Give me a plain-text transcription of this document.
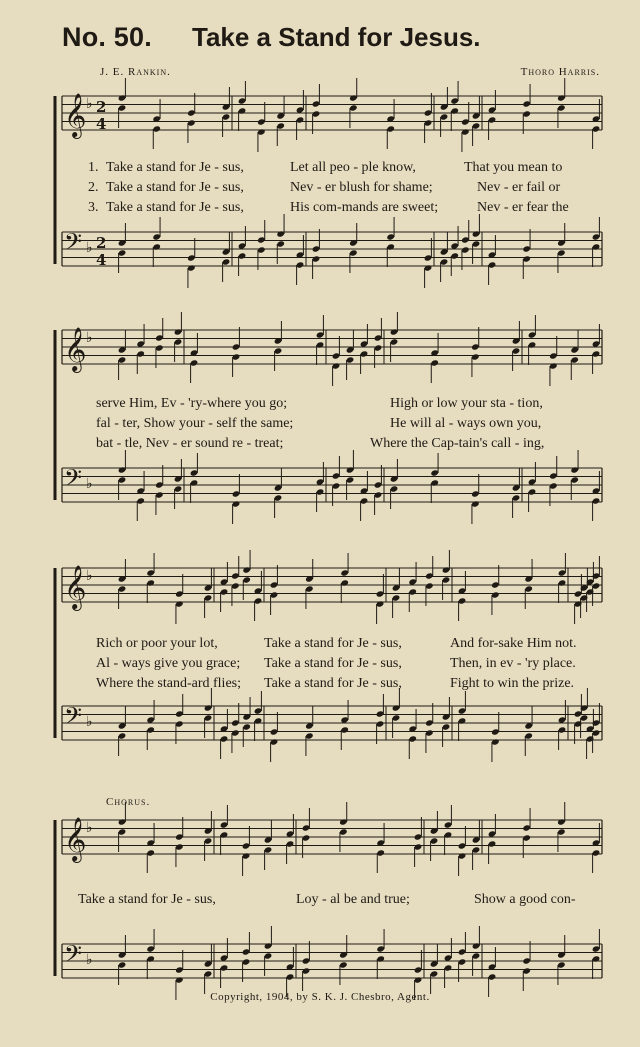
No. 50. Take a Stand for Jesus.
J. E. Rankin.	Thoro Harris.
𝄞 ♭ 2
4
𝄢 ♭ 2
4
𝄞 ♭
𝄢 ♭
𝄞 ♭
𝄢 ♭
𝄞 ♭
𝄢 ♭
1. Take a stand for Je - sus,	Let all peo - ple know,	That you mean to
2. Take a stand for Je - sus,	Nev - er blush for shame;	Nev - er fail or
3. Take a stand for Je - sus,	His com-mands are sweet;	Nev - er fear the
serve Him, Ev - 'ry-where you go;	High or low your sta - tion,
fal - ter, Show your - self the same;	He will al - ways own you,
bat - tle, Nev - er sound re - treat;	Where the Cap-tain's call - ing,
Rich or poor your lot,	Take a stand for Je - sus,	And for-sake Him not.
Al - ways give you grace; Take a stand for Je - sus,	Then, in ev - 'ry place.
Where the stand-ard flies; Take a stand for Je - sus,	Fight to win the prize.
Chorus.
Take a stand for Je - sus,	Loy - al be and true;	Show a good con-
Copyright, 1904, by S. K. J. Chesbro, Agent.
